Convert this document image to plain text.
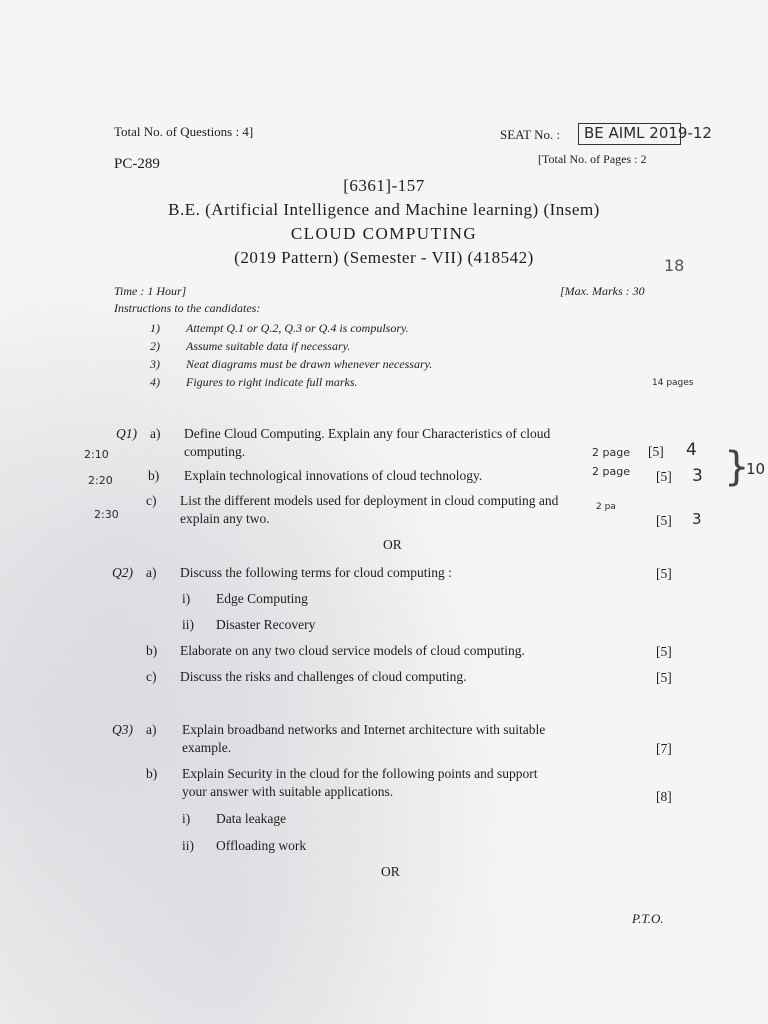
Total No. of Questions : 4]	SEAT No. : BE AIML 2019-12
PC-289	[Total No. of Pages : 2
[6361]-157
B.E. (Artificial Intelligence and Machine learning) (Insem)
CLOUD COMPUTING
(2019 Pattern) (Semester - VII) (418542)	18
Time : 1 Hour]	[Max. Marks : 30
Instructions to the candidates:
1) Attempt Q.1 or Q.2, Q.3 or Q.4 is compulsory.
2) Assume suitable data if necessary.
3) Neat diagrams must be drawn whenever necessary.
4) Figures to right indicate full marks.	14 pages
Q1) a) Define Cloud Computing. Explain any four Characteristics of cloud
computing.	2 page [5] 4
2:10
b) Explain technological innovations of cloud technology.	2 page [5] 3
2:20	}
10
c) List the different models used for deployment in cloud computing and
explain any two.
2 pa
[5] 3
2:30
OR
Q2) a) Discuss the following terms for cloud computing :	[5]
i) Edge Computing
ii) Disaster Recovery
b) Elaborate on any two cloud service models of cloud computing.	[5]
c) Discuss the risks and challenges of cloud computing.	[5]
Q3) a) Explain broadband networks and Internet architecture with suitable
example.	[7]
b) Explain Security in the cloud for the following points and support
your answer with suitable applications.	[8]
i) Data leakage
ii) Offloading work
OR
P.T.O.
